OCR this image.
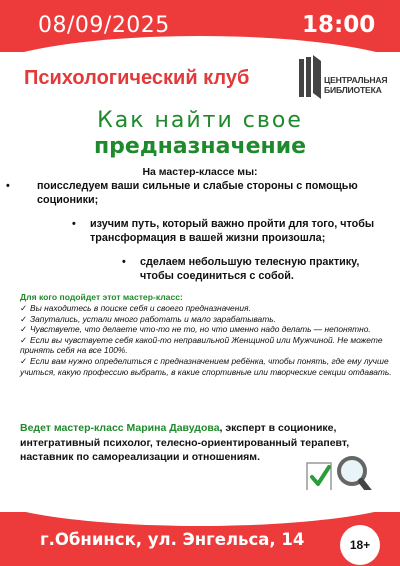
08/09/2025	18:00
Психологический клуб	ЦЕНТРАЛЬНАЯ
БИБЛИОТЕКА
Как найти свое
предназначение
На мастер-классе мы:
•	поисследуем ваши сильные и слабые стороны с помощью соционики;
• изучим путь, который важно пройти для того, чтобы трансформация в вашей жизни произошла;
• сделаем небольшую телесную практику, чтобы соединиться с собой.
Для кого подойдет этот мастер-класс:

✓ Вы находитесь в поиске себя и своего предназначения.

✓ Запутались, устали много работать и мало зарабатывать.

✓ Чувствуете, что делаете что-то не то, но что именно надо делать — непонятно.

✓ Если вы чувствуете себя какой-то неправильной Женщиной или Мужчиной. Не можете принять себя на все 100%.

✓ Если вам нужно определиться с предназначением ребёнка, чтобы понять, где ему лучше учиться, какую профессию выбрать, в какие спортивные или творческие секции отдавать.

Ведет мастер-класс Марина Давудова, эксперт в соционике, интегративный психолог, телесно-ориентированный терапевт, наставник по самореализации и отношениям.
г.Обнинск, ул. Энгельса, 14	18+
